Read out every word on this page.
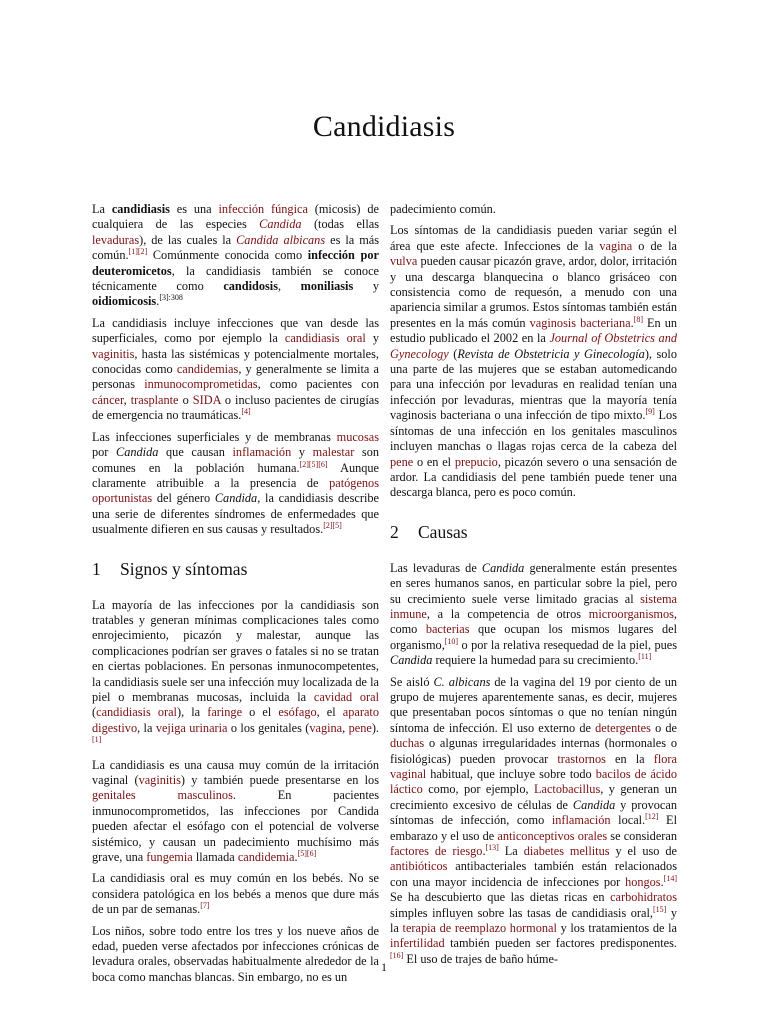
Candidiasis

La candidiasis es una infección fúngica (micosis) de cualquiera de las especies Candida (todas ellas levaduras), de las cuales la Candida albicans es la más común.[1][2] Comúnmente conocida como infección por deuteromicetos, la candidiasis también se conoce técnicamente como candidosis, moniliasis y oidiomicosis.$^{[3]:308}$

La candidiasis incluye infecciones que van desde las superficiales, como por ejemplo la candidiasis oral y vaginitis, hasta las sistémicas y potencialmente mortales, conocidas como candidemias, y generalmente se limita a personas inmunocomprometidas, como pacientes con cáncer, trasplante o SIDA o incluso pacientes de cirugías de emergencia no traumáticas.[4]

Las infecciones superficiales y de membranas mucosas por Candida que causan inflamación y malestar son comunes en la población humana.[2][5][6] Aunque claramente atribuible a la presencia de patógenos oportunistas del género Candida, la candidiasis describe una serie de diferentes síndromes de enfermedades que usualmente difieren en sus causas y resultados.[2][5]

1 Signos y síntomas

La mayoría de las infecciones por la candidiasis son tratables y generan mínimas complicaciones tales como enrojecimiento, picazón y malestar, aunque las complicaciones podrían ser graves o fatales si no se tratan en ciertas poblaciones. En personas inmunocompetentes, la candidiasis suele ser una infección muy localizada de la piel o membranas mucosas, incluida la cavidad oral (candidiasis oral), la faringe o el esófago, el aparato digestivo, la vejiga urinaria o los genitales (vagina, pene).[1]

La candidiasis es una causa muy común de la irritación vaginal (vaginitis) y también puede presentarse en los genitales masculinos. En pacientes inmunocomprometidos, las infecciones por Candida pueden afectar el esófago con el potencial de volverse sistémico, y causan un padecimiento muchísimo más grave, una fungemia llamada candidemia.[5][6]

La candidiasis oral es muy común en los bebés. No se considera patológica en los bebés a menos que dure más de un par de semanas.[7]

Los niños, sobre todo entre los tres y los nueve años de edad, pueden verse afectados por infecciones crónicas de levadura orales, observadas habitualmente alrededor de la boca como manchas blancas. Sin embargo, no es un

padecimiento común.

Los síntomas de la candidiasis pueden variar según el área que este afecte. Infecciones de la vagina o de la vulva pueden causar picazón grave, ardor, dolor, irritación y una descarga blanquecina o blanco grisáceo con consistencia como de requesón, a menudo con una apariencia similar a grumos. Estos síntomas también están presentes en la más común vaginosis bacteriana.[8] En un estudio publicado el 2002 en la Journal of Obstetrics and Gynecology (Revista de Obstetricia y Ginecología), solo una parte de las mujeres que se estaban automedicando para una infección por levaduras en realidad tenían una infección por levaduras, mientras que la mayoría tenía vaginosis bacteriana o una infección de tipo mixto.[9] Los síntomas de una infección en los genitales masculinos incluyen manchas o llagas rojas cerca de la cabeza del pene o en el prepucio, picazón severo o una sensación de ardor. La candidiasis del pene también puede tener una descarga blanca, pero es poco común.

2 Causas

Las levaduras de Candida generalmente están presentes en seres humanos sanos, en particular sobre la piel, pero su crecimiento suele verse limitado gracias al sistema inmune, a la competencia de otros microorganismos, como bacterias que ocupan los mismos lugares del organismo,[10] o por la relativa resequedad de la piel, pues Candida requiere la humedad para su crecimiento.[11]

Se aisló C. albicans de la vagina del 19 por ciento de un grupo de mujeres aparentemente sanas, es decir, mujeres que presentaban pocos síntomas o que no tenían ningún síntoma de infección. El uso externo de detergentes o de duchas o algunas irregularidades internas (hormonales o fisiológicas) pueden provocar trastornos en la flora vaginal habitual, que incluye sobre todo bacilos de ácido láctico como, por ejemplo, Lactobacillus, y generan un crecimiento excesivo de células de Candida y provocan síntomas de infección, como inflamación local.[12] El embarazo y el uso de anticonceptivos orales se consideran factores de riesgo.[13] La diabetes mellitus y el uso de antibióticos antibacteriales también están relacionados con una mayor incidencia de infecciones por hongos.[14] Se ha descubierto que las dietas ricas en carbohidratos simples influyen sobre las tasas de candidiasis oral,[15] y la terapia de reemplazo hormonal y los tratamientos de la infertilidad también pueden ser factores predisponentes.[16] El uso de trajes de baño húme-

1
